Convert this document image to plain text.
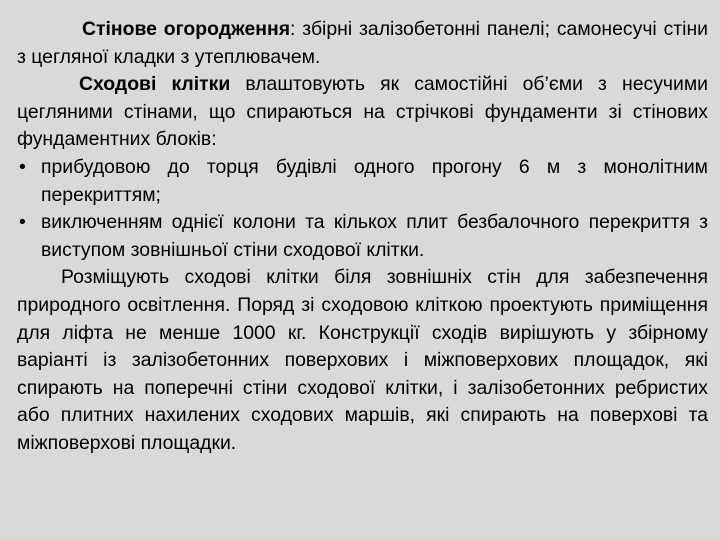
Стінове огородження: збірні залізобетонні панелі; самонесучі стіни з цегляної кладки з утеплювачем.

Сходові клітки влаштовують як самостійні об’єми з несучими цегляними стінами, що спираються на стрічкові фундаменти зі стінових фундаментних блоків:

• прибудовою до торця будівлі одного прогону 6 м з монолітним перекриттям;
• виключенням однієї колони та кількох плит безбалочного перекриття з виступом зовнішньої стіни сходової клітки.

Розміщують сходові клітки біля зовнішніх стін для забезпечення природного освітлення. Поряд зі сходовою кліткою проектують приміщення для ліфта не менше 1000 кг. Конструкції сходів вирішують у збірному варіанті із залізобетонних поверхових і міжповерхових площадок, які спирають на поперечні стіни сходової клітки, і залізобетонних ребристих або плитних нахилених сходових маршів, які спирають на поверхові та міжповерхові площадки.
